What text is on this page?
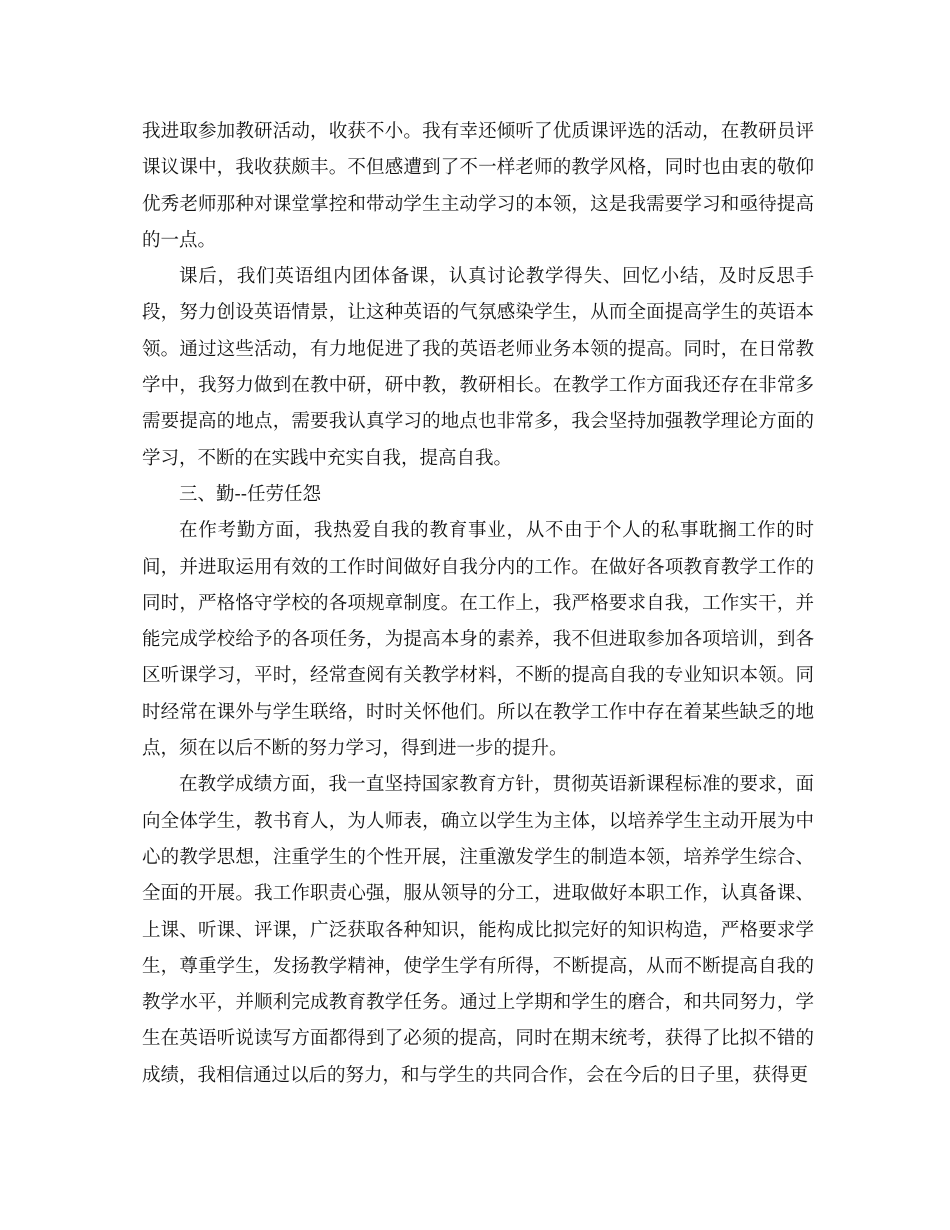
我进取参加教研活动，收获不小。我有幸还倾听了优质课评选的活动，在教研员评课议课中，我收获颇丰。不但感遭到了不一样老师的教学风格，同时也由衷的敬仰优秀老师那种对课堂掌控和带动学生主动学习的本领，这是我需要学习和亟待提高的一点。

课后，我们英语组内团体备课，认真讨论教学得失、回忆小结，及时反思手段，努力创设英语情景，让这种英语的气氛感染学生，从而全面提高学生的英语本领。通过这些活动，有力地促进了我的英语老师业务本领的提高。同时，在日常教学中，我努力做到在教中研，研中教，教研相长。在教学工作方面我还存在非常多需要提高的地点，需要我认真学习的地点也非常多，我会坚持加强教学理论方面的学习，不断的在实践中充实自我，提高自我。

三、勤--任劳任怨

在作考勤方面，我热爱自我的教育事业，从不由于个人的私事耽搁工作的时间，并进取运用有效的工作时间做好自我分内的工作。在做好各项教育教学工作的同时，严格恪守学校的各项规章制度。在工作上，我严格要求自我，工作实干，并能完成学校给予的各项任务，为提高本身的素养，我不但进取参加各项培训，到各区听课学习，平时，经常查阅有关教学材料，不断的提高自我的专业知识本领。同时经常在课外与学生联络，时时关怀他们。所以在教学工作中存在着某些缺乏的地点，须在以后不断的努力学习，得到进一步的提升。

在教学成绩方面，我一直坚持国家教育方针，贯彻英语新课程标准的要求，面向全体学生，教书育人，为人师表，确立以学生为主体，以培养学生主动开展为中心的教学思想，注重学生的个性开展，注重激发学生的制造本领，培养学生综合、全面的开展。我工作职责心强，服从领导的分工，进取做好本职工作，认真备课、上课、听课、评课，广泛获取各种知识，能构成比拟完好的知识构造，严格要求学生，尊重学生，发扬教学精神，使学生学有所得，不断提高，从而不断提高自我的教学水平，并顺利完成教育教学任务。通过上学期和学生的磨合，和共同努力，学生在英语听说读写方面都得到了必须的提高，同时在期末统考，获得了比拟不错的成绩，我相信通过以后的努力，和与学生的共同合作，会在今后的日子里，获得更
